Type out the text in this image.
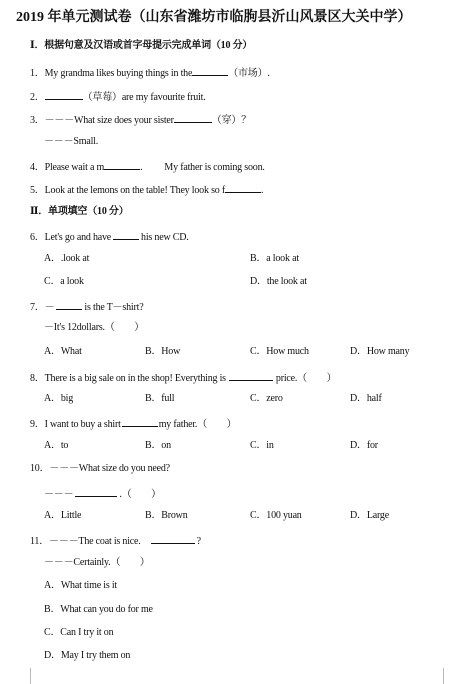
2019 年单元测试卷（山东省潍坊市临朐县沂山风景区大关中学）
Ⅰ．根据句意及汉语或首字母提示完成单词（10 分）
1．My grandma likes buying things in the	（市场）.
2．	（草莓）are my favourite fruit.
3．－－－What size does your sister	（穿）？
－－－Small.
4．Please wait a m	. My father is coming soon.
5．Look at the lemons on the table! They look so f	.
Ⅱ．单项填空（10 分）
6．Let's go and have	his new CD.
A．.look at	B．a look at
C．a look	D．the look at
7．－	is the T－shirt?
－It's 12dollars.（　　）
A．What	B．How	C．How much	D．How many
8．There is a big sale on in the shop! Everything is	price.（　　）
A．big	B．full	C．zero	D．half
9．I want to buy a shirt	my father.（　　）
A．to	B．on	C．in	D．for
10．－－－What size do you need?
－－－	.（　　）
A．Little	B．Brown	C．100 yuan	D．Large
11．－－－The coat is nice.	?
－－－Certainly.（　　）
A．What time is it
B．What can you do for me
C．Can I try it on
D．May I try them on
